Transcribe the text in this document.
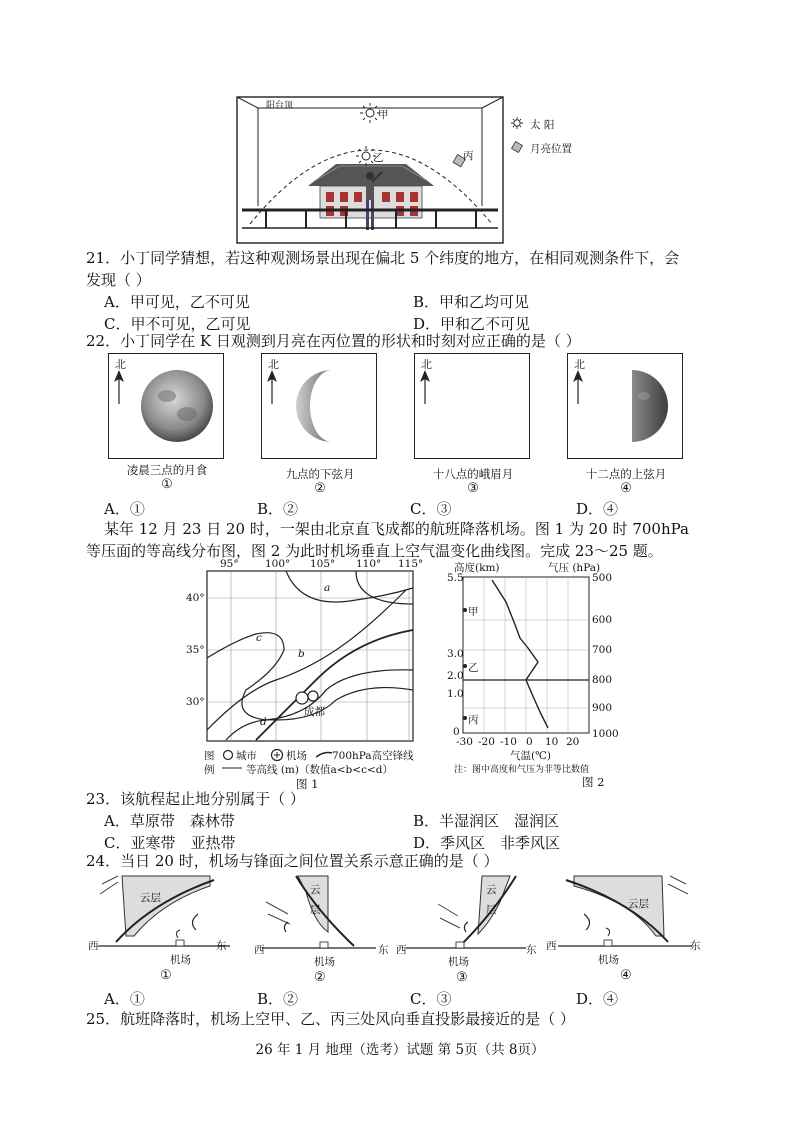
阳台顶
甲
乙	丙
太 阳
月亮位置
21．小丁同学猜想，若这种观测场景出现在偏北 5 个纬度的地方，在相同观测条件下，会
发现（ ）
A．甲可见，乙不可见	B．甲和乙均可见
C．甲不可见，乙可见	D．甲和乙不可见
22．小丁同学在 K 日观测到月亮在丙位置的形状和时刻对应正确的是（ ）
北
凌晨三点的月食
①
北
九点的下弦月
②
北
十八点的峨眉月
③
北
十二点的上弦月
④
A．①	B．②	C．③	D．④
某年 12 月 23 日 20 时，一架由北京直飞成都的航班降落机场。图 1 为 20 时 700hPa
等压面的等高线分布图，图 2 为此时机场垂直上空气温变化曲线图。完成 23～25 题。
95°	100° 105° 110° 115°
40°
35°
30°
a
b
c
d
成都
图
例
城市	机场 700hPa高空锋线
等高线 (m)（数值a<b<c<d）
图 1
高度(km)	气压 (hPa)
5.5
3.0
2.0
1.0
0
500
600
700
800
900
1000
甲
乙
丙
-30 -20 -10 0 10 20
气温(℃)
注：图中高度和气压为非等比数值
图 2
23．该航程起止地分别属于（ ）
A．草原带　森林带	B．半湿润区　湿润区
C．亚寒带　亚热带	D．季风区　非季风区
24．当日 20 时，机场与锋面之间位置关系示意正确的是（ ）
云层
西	东
机场
①
云
层
西	东
机场
②
云
层
西	东
机场
③
云层
西	东
机场
④
A．①	B．②	C．③	D．④
25．航班降落时，机场上空甲、乙、丙三处风向垂直投影最接近的是（ ）
26 年 1 月 地理（选考）试题 第 5页（共 8页）
